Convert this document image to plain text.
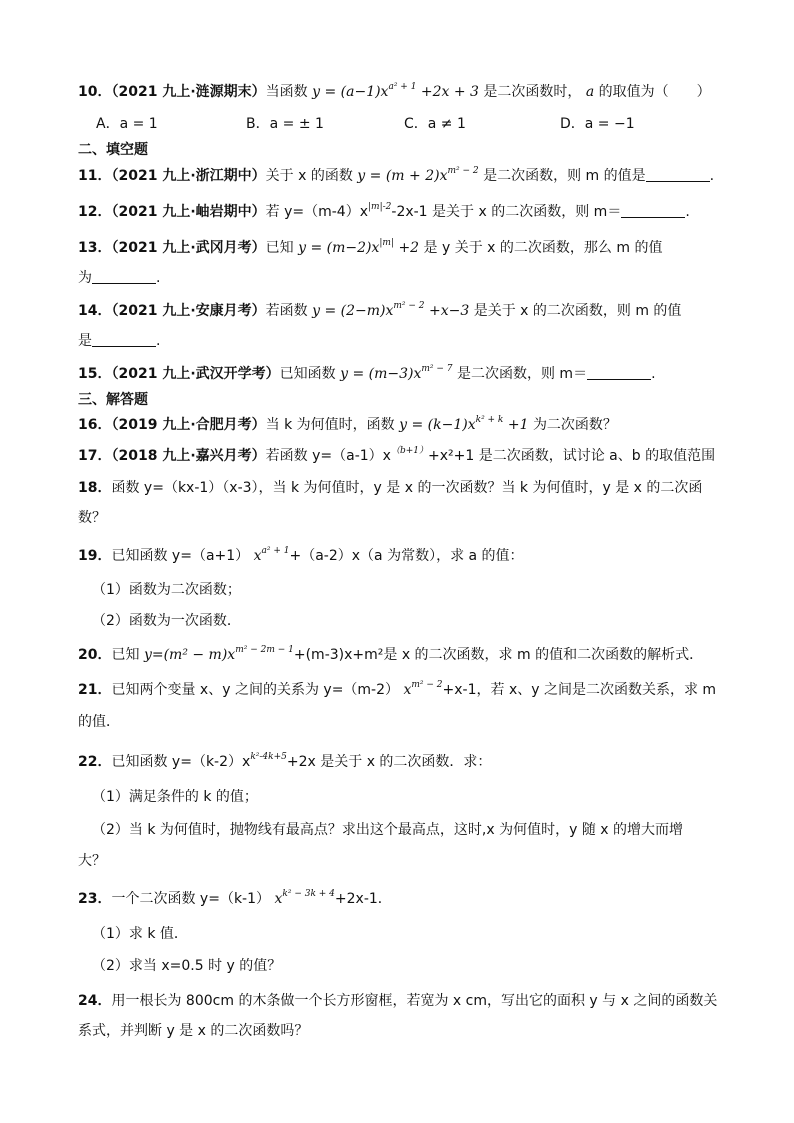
10．（2021 九上·涟源期末）当函数 $y = (a-1)x^{a^2 + 1} +2x + 3$ 是二次函数时， a 的取值为（　　）
A．a = 1	B．a = ± 1	C．a ≠ 1	D．a = −1
二、填空题
11．（2021 九上·浙江期中）关于 x 的函数 $y = (m + 2)x^{m^2 - 2}$ 是二次函数，则 m 的值是	.
12．（2021 九上·岫岩期中）若 $y=(m-4)x^{|m|-2}-2x-1$ 是关于 x 的二次函数，则 m＝	.
13．（2021 九上·武冈月考）已知 $y = (m-2)x^{|m|} +2$ 是 y 关于 x 的二次函数，那么 m 的值
为	.
14．（2021 九上·安康月考）若函数 $y = (2-m)x^{m^2 - 2} +x-3$ 是关于 x 的二次函数，则 m 的值
是	.
15．（2021 九上·武汉开学考）已知函数 $y = (m-3)x^{m^2 - 7}$ 是二次函数，则 m＝	.
三、解答题
16．（2019 九上·合肥月考）当 k 为何值时，函数 $y = (k-1)x^{k^2 + k} +1$ 为二次函数？
17．（2018 九上·嘉兴月考）若函数 $y=(a-1)x^{(b+1)}+x^2+1$ 是二次函数，试讨论 a、b 的取值范围
18．函数 y=（kx-1）（x-3），当 k 为何值时，y 是 x 的一次函数？当 k 为何值时，y 是 x 的二次函
数？
19．已知函数 y=（a+1） $x^{a^2 + 1}+(a-2)x(a$ 为常数），求 a 的值：
（1）函数为二次函数；
（2）函数为一次函数．
20．已知 $y=(m^2 - m)x^{m^2 - 2m - 1}+(m-3)x+m^2$是 x 的二次函数，求 m 的值和二次函数的解析式．
21．已知两个变量 x、y 之间的关系为 y=（m-2） $x^{m^2 - 2}+x-1$，若 x、y 之间是二次函数关系，求 m
的值．
22．已知函数 $y=(k-2)x^{k^2-4k+5}+2x$ 是关于 x 的二次函数．求：
（1）满足条件的 k 的值；
（2）当 k 为何值时，抛物线有最高点？求出这个最高点，这时,x 为何值时，y 随 x 的增大而增
大？
23．一个二次函数 y=（k-1） $x^{k^2 - 3k + 4}+2x-1$．
（1）求 k 值．
（2）求当 x=0.5 时 y 的值？
24．用一根长为 800cm 的木条做一个长方形窗框，若宽为 x cm，写出它的面积 y 与 x 之间的函数关
系式，并判断 y 是 x 的二次函数吗？
